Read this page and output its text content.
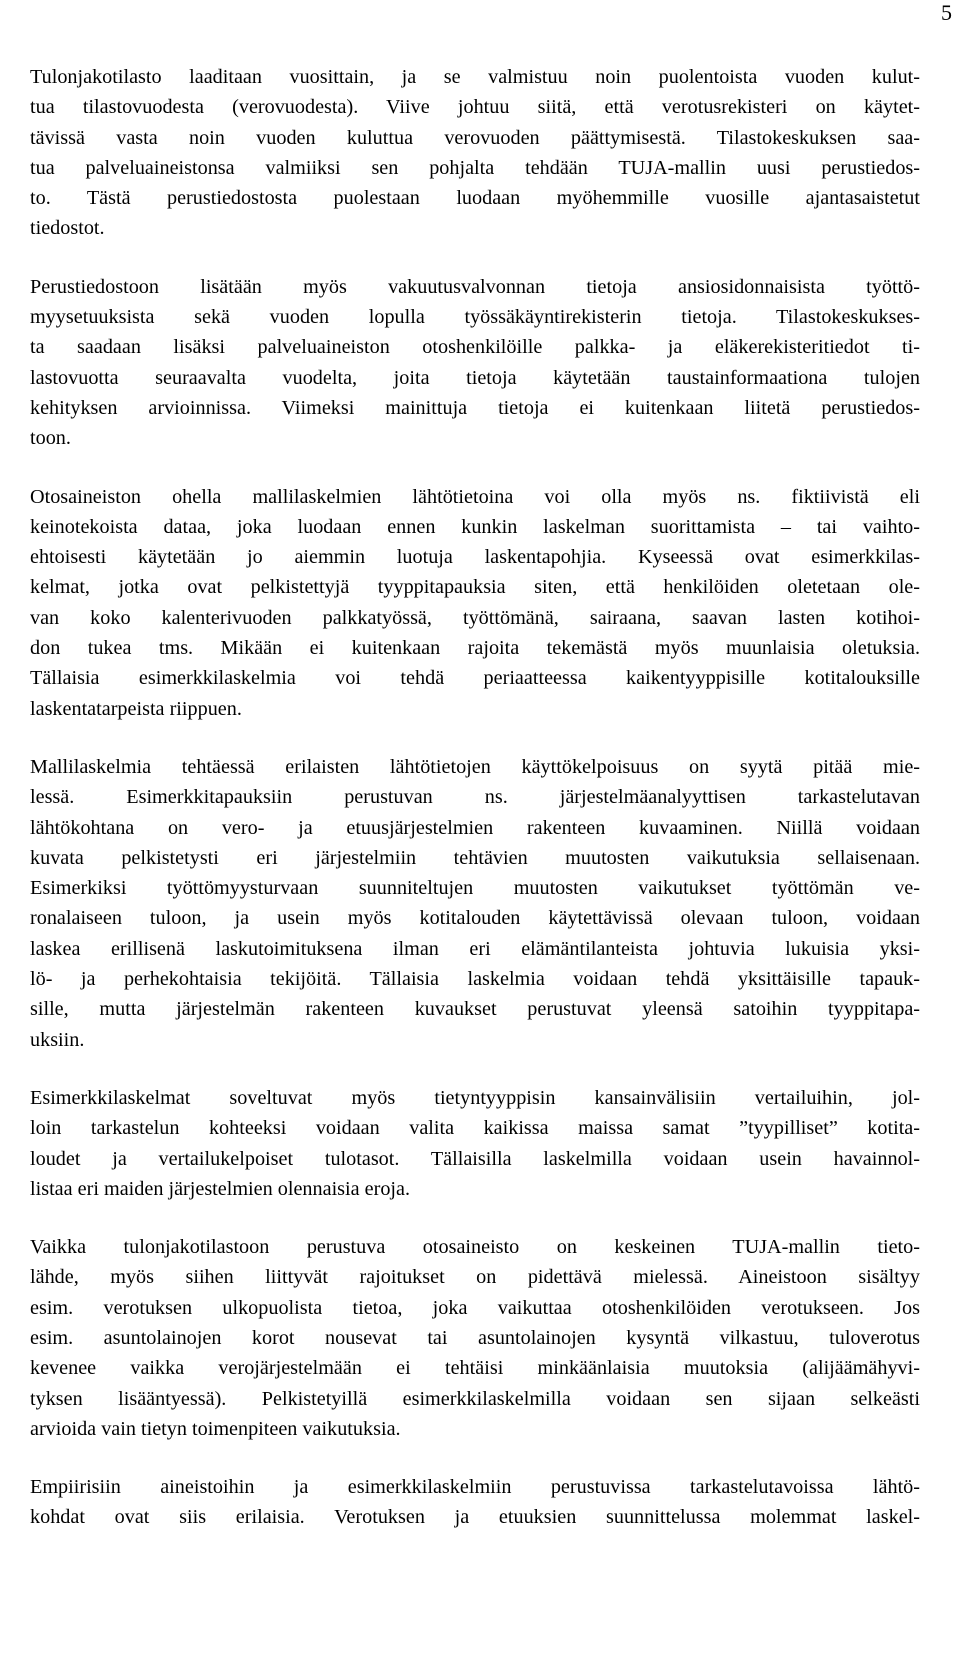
5

Tulonjakotilasto laaditaan vuosittain, ja se valmistuu noin puolentoista vuoden kulut-
tua tilastovuodesta (verovuodesta). Viive johtuu siitä, että verotusrekisteri on käytet-
tävissä vasta noin vuoden kuluttua verovuoden päättymisestä. Tilastokeskuksen saa-
tua palveluaineistonsa valmiiksi sen pohjalta tehdään TUJA-mallin uusi perustiedos-
to. Tästä perustiedostosta puolestaan luodaan myöhemmille vuosille ajantasaistetut
tiedostot.

Perustiedostoon lisätään myös vakuutusvalvonnan tietoja ansiosidonnaisista työttö-
myysetuuksista sekä vuoden lopulla työssäkäyntirekisterin tietoja. Tilastokeskukses-
ta saadaan lisäksi palveluaineiston otoshenkilöille palkka- ja eläkerekisteritiedot ti-
lastovuotta seuraavalta vuodelta, joita tietoja käytetään taustainformaationa tulojen
kehityksen arvioinnissa. Viimeksi mainittuja tietoja ei kuitenkaan liitetä perustiedos-
toon.

Otosaineiston ohella mallilaskelmien lähtötietoina voi olla myös ns. fiktiivistä eli
keinotekoista dataa, joka luodaan ennen kunkin laskelman suorittamista – tai vaihto-
ehtoisesti käytetään jo aiemmin luotuja laskentapohjia. Kyseessä ovat esimerkkilas-
kelmat, jotka ovat pelkistettyjä tyyppitapauksia siten, että henkilöiden oletetaan ole-
van koko kalenterivuoden palkkatyössä, työttömänä, sairaana, saavan lasten kotihoi-
don tukea tms. Mikään ei kuitenkaan rajoita tekemästä myös muunlaisia oletuksia.
Tällaisia esimerkkilaskelmia voi tehdä periaatteessa kaikentyyppisille kotitalouksille
laskentatarpeista riippuen.

Mallilaskelmia tehtäessä erilaisten lähtötietojen käyttökelpoisuus on syytä pitää mie-
lessä. Esimerkkitapauksiin perustuvan ns. järjestelmäanalyyttisen tarkastelutavan
lähtökohtana on vero- ja etuusjärjestelmien rakenteen kuvaaminen. Niillä voidaan
kuvata pelkistetysti eri järjestelmiin tehtävien muutosten vaikutuksia sellaisenaan.
Esimerkiksi työttömyysturvaan suunniteltujen muutosten vaikutukset työttömän ve-
ronalaiseen tuloon, ja usein myös kotitalouden käytettävissä olevaan tuloon, voidaan
laskea erillisenä laskutoimituksena ilman eri elämäntilanteista johtuvia lukuisia yksi-
lö- ja perhekohtaisia tekijöitä. Tällaisia laskelmia voidaan tehdä yksittäisille tapauk-
sille, mutta järjestelmän rakenteen kuvaukset perustuvat yleensä satoihin tyyppitapa-
uksiin.

Esimerkkilaskelmat soveltuvat myös tietyntyyppisin kansainvälisiin vertailuihin, jol-
loin tarkastelun kohteeksi voidaan valita kaikissa maissa samat ”tyypilliset” kotita-
loudet ja vertailukelpoiset tulotasot. Tällaisilla laskelmilla voidaan usein havainnol-
listaa eri maiden järjestelmien olennaisia eroja.

Vaikka tulonjakotilastoon perustuva otosaineisto on keskeinen TUJA-mallin tieto-
lähde, myös siihen liittyvät rajoitukset on pidettävä mielessä. Aineistoon sisältyy
esim. verotuksen ulkopuolista tietoa, joka vaikuttaa otoshenkilöiden verotukseen. Jos
esim. asuntolainojen korot nousevat tai asuntolainojen kysyntä vilkastuu, tuloverotus
kevenee vaikka verojärjestelmään ei tehtäisi minkäänlaisia muutoksia (alijäämähyvi-
tyksen lisääntyessä). Pelkistetyillä esimerkkilaskelmilla voidaan sen sijaan selkeästi
arvioida vain tietyn toimenpiteen vaikutuksia.

Empiirisiin aineistoihin ja esimerkkilaskelmiin perustuvissa tarkastelutavoissa lähtö-
kohdat ovat siis erilaisia. Verotuksen ja etuuksien suunnittelussa molemmat laskel-
